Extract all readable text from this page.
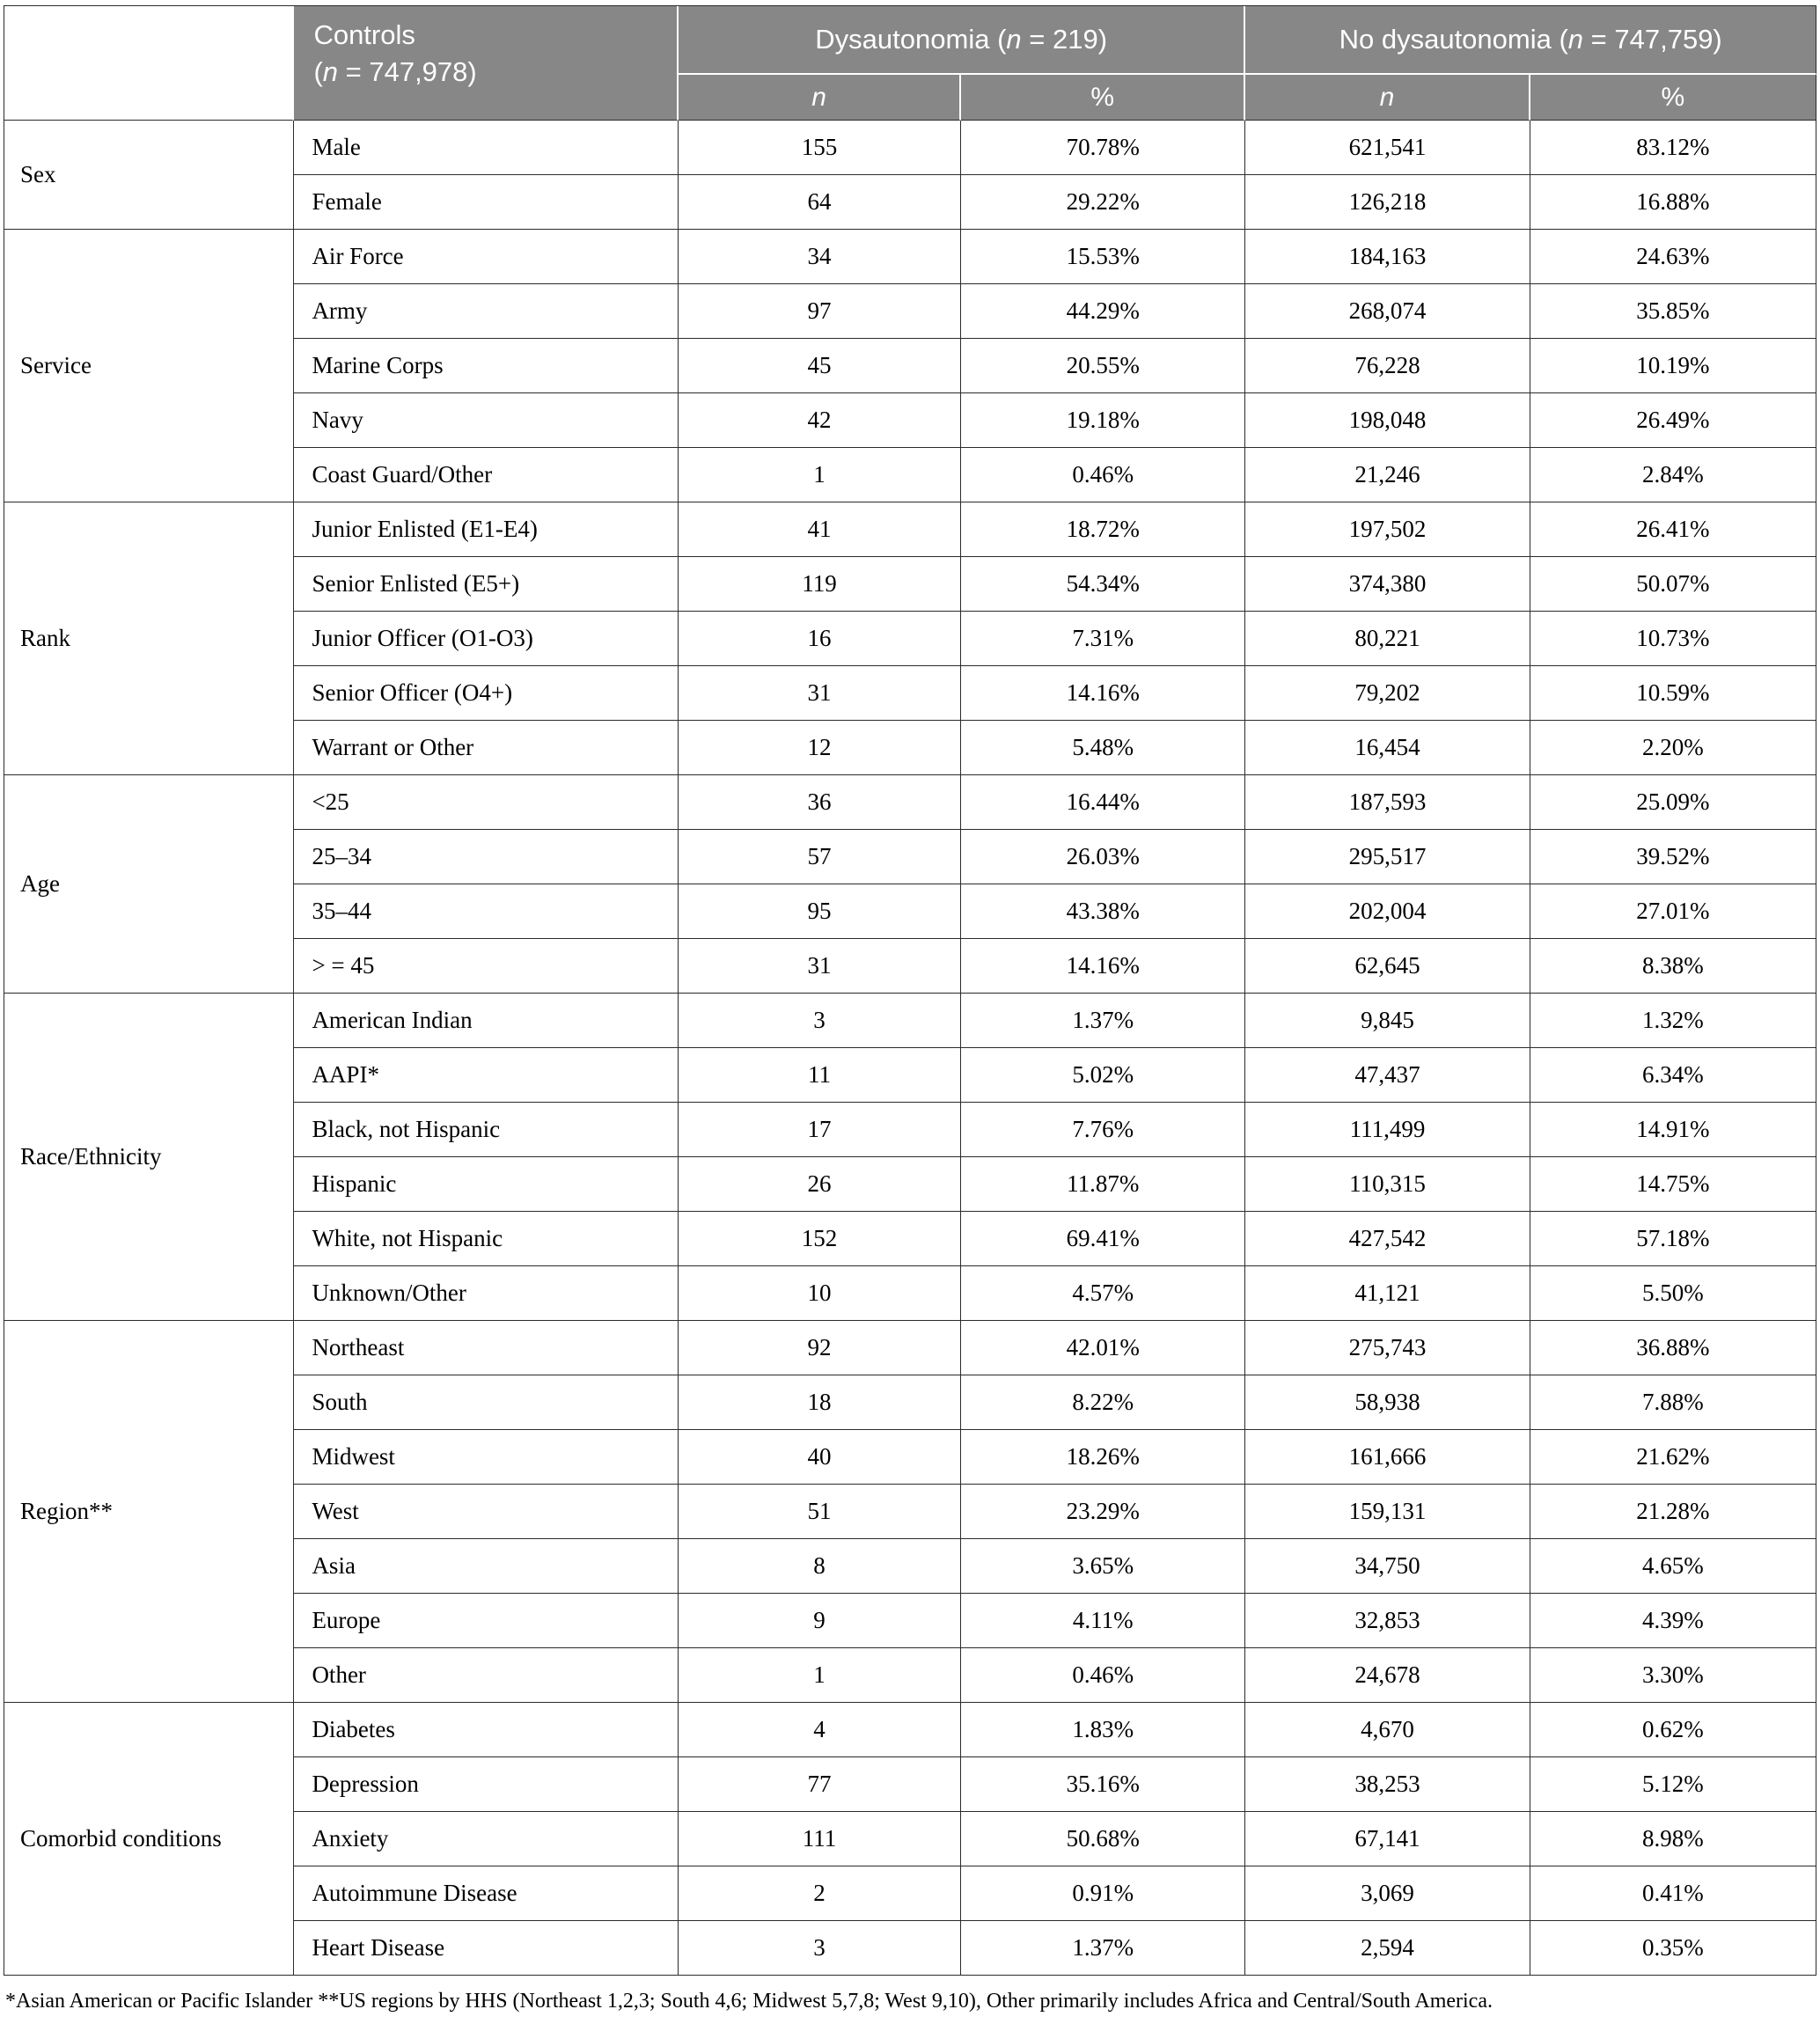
	Controls
(n = 747,978)	Dysautonomia (n = 219)		No dysautonomia (n = 747,759)	
		n	%	n	%
Sex	Male	155	70.78%	621,541	83.12%
	Female	64	29.22%	126,218	16.88%
Service	Air Force	34	15.53%	184,163	24.63%
	Army	97	44.29%	268,074	35.85%
	Marine Corps	45	20.55%	76,228	10.19%
	Navy	42	19.18%	198,048	26.49%
	Coast Guard/Other	1	0.46%	21,246	2.84%
Rank	Junior Enlisted (E1-E4)	41	18.72%	197,502	26.41%
	Senior Enlisted (E5+)	119	54.34%	374,380	50.07%
	Junior Officer (O1-O3)	16	7.31%	80,221	10.73%
	Senior Officer (O4+)	31	14.16%	79,202	10.59%
	Warrant or Other	12	5.48%	16,454	2.20%
Age	<25	36	16.44%	187,593	25.09%
	25–34	57	26.03%	295,517	39.52%
	35–44	95	43.38%	202,004	27.01%
	> = 45	31	14.16%	62,645	8.38%
Race/Ethnicity	American Indian	3	1.37%	9,845	1.32%
	AAPI*	11	5.02%	47,437	6.34%
	Black, not Hispanic	17	7.76%	111,499	14.91%
	Hispanic	26	11.87%	110,315	14.75%
	White, not Hispanic	152	69.41%	427,542	57.18%
	Unknown/Other	10	4.57%	41,121	5.50%
Region**	Northeast	92	42.01%	275,743	36.88%
	South	18	8.22%	58,938	7.88%
	Midwest	40	18.26%	161,666	21.62%
	West	51	23.29%	159,131	21.28%
	Asia	8	3.65%	34,750	4.65%
	Europe	9	4.11%	32,853	4.39%
	Other	1	0.46%	24,678	3.30%
Comorbid conditions	Diabetes	4	1.83%	4,670	0.62%
	Depression	77	35.16%	38,253	5.12%
	Anxiety	111	50.68%	67,141	8.98%
	Autoimmune Disease	2	0.91%	3,069	0.41%
	Heart Disease	3	1.37%	2,594	0.35%
*Asian American or Pacific Islander **US regions by HHS (Northeast 1,2,3; South 4,6; Midwest 5,7,8; West 9,10), Other primarily includes Africa and Central/South America.
